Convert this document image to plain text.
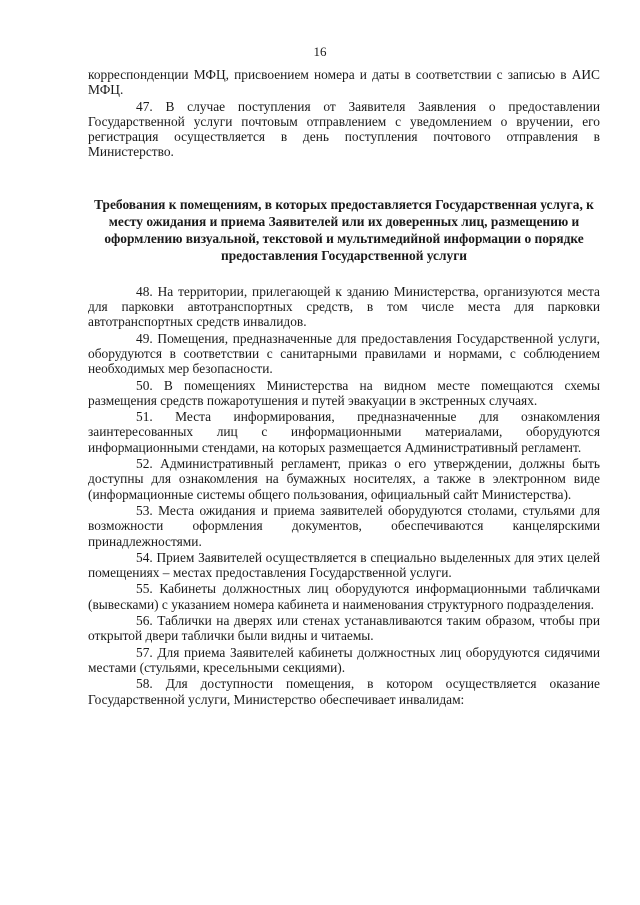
16

корреспонденции МФЦ, присвоением номера и даты в соответствии с записью в АИС МФЦ.

47. В случае поступления от Заявителя Заявления о предоставлении Государственной услуги почтовым отправлением с уведомлением о вручении, его регистрация осуществляется в день поступления почтового отправления в Министерство.

Требования к помещениям, в которых предоставляется Государственная услуга, к месту ожидания и приема Заявителей или их доверенных лиц, размещению и оформлению визуальной, текстовой и мультимедийной информации о порядке предоставления Государственной услуги

48. На территории, прилегающей к зданию Министерства, организуются места для парковки автотранспортных средств, в том числе места для парковки автотранспортных средств инвалидов.

49. Помещения, предназначенные для предоставления Государственной услуги, оборудуются в соответствии с санитарными правилами и нормами, с соблюдением необходимых мер безопасности.

50. В помещениях Министерства на видном месте помещаются схемы размещения средств пожаротушения и путей эвакуации в экстренных случаях.

51. Места информирования, предназначенные для ознакомления заинтересованных лиц с информационными материалами, оборудуются информационными стендами, на которых размещается Административный регламент.

52. Административный регламент, приказ о его утверждении, должны быть доступны для ознакомления на бумажных носителях, а также в электронном виде (информационные системы общего пользования, официальный сайт Министерства).

53. Места ожидания и приема заявителей оборудуются столами, стульями для возможности оформления документов, обеспечиваются канцелярскими принадлежностями.

54. Прием Заявителей осуществляется в специально выделенных для этих целей помещениях – местах предоставления Государственной услуги.

55. Кабинеты должностных лиц оборудуются информационными табличками (вывесками) с указанием номера кабинета и наименования структурного подразделения.

56. Таблички на дверях или стенах устанавливаются таким образом, чтобы при открытой двери таблички были видны и читаемы.

57. Для приема Заявителей кабинеты должностных лиц оборудуются сидячими местами (стульями, кресельными секциями).

58. Для доступности помещения, в котором осуществляется оказание Государственной услуги, Министерство обеспечивает инвалидам:
